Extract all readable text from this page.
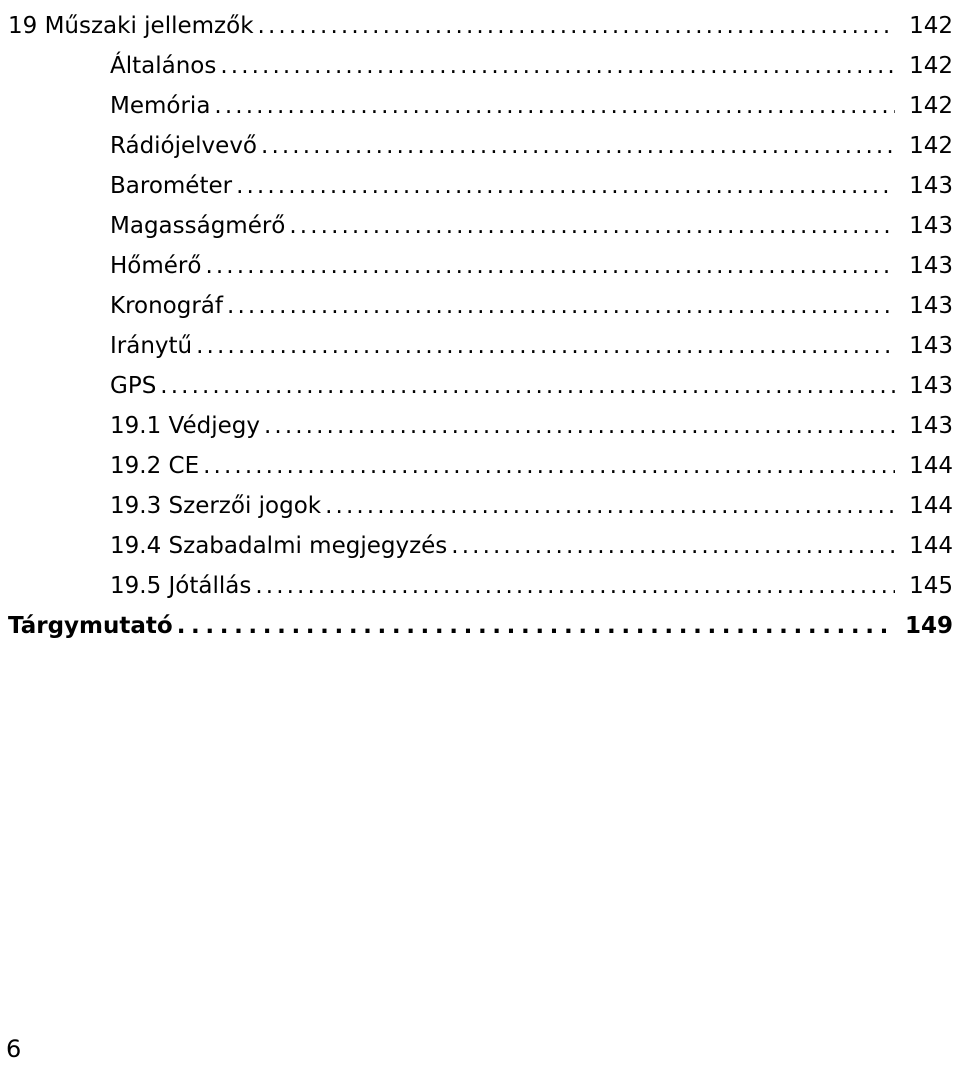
19 Műszaki jellemzők . . .	142
Általános . . .	142
Memória . . .	142
Rádiójelvevő . . .	142
Barométer . . .	143
Magasságmérő . . .	143
Hőmérő . . .	143
Kronográf . . .	143
Iránytű . . .	143
GPS . . .	143
19.1 Védjegy . . .	143
19.2 CE . . .	144
19.3 Szerzői jogok . . .	144
19.4 Szabadalmi megjegyzés . . .	144
19.5 Jótállás . . .	145
Tárgymutató . . .	149
6
